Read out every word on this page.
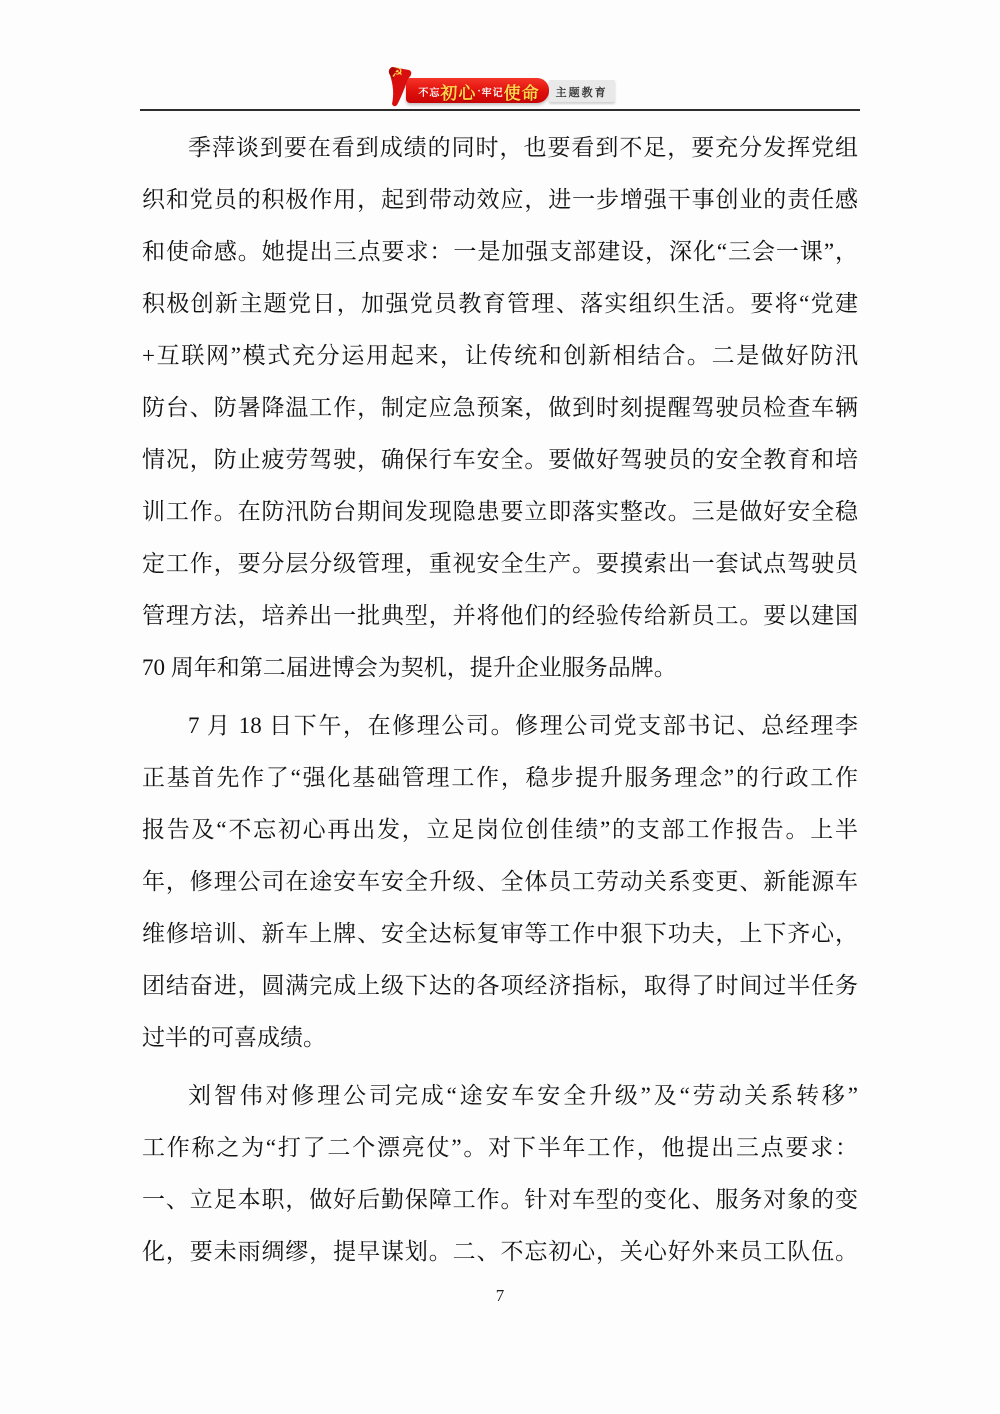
☭
不忘 初心 · 牢记 使命	主题教育
季萍谈到要在看到成绩的同时，也要看到不足，要充分发挥党组
织和党员的积极作用，起到带动效应，进一步增强干事创业的责任感
和使命感。她提出三点要求：一是加强支部建设，深化“三会一课”，
积极创新主题党日，加强党员教育管理、落实组织生活。要将“党建
+互联网”模式充分运用起来，让传统和创新相结合。二是做好防汛
防台、防暑降温工作，制定应急预案，做到时刻提醒驾驶员检查车辆
情况，防止疲劳驾驶，确保行车安全。要做好驾驶员的安全教育和培
训工作。在防汛防台期间发现隐患要立即落实整改。三是做好安全稳
定工作，要分层分级管理，重视安全生产。要摸索出一套试点驾驶员
管理方法，培养出一批典型，并将他们的经验传给新员工。要以建国
70 周年和第二届进博会为契机，提升企业服务品牌。
7 月 18 日下午，在修理公司。修理公司党支部书记、总经理李
正基首先作了“强化基础管理工作，稳步提升服务理念”的行政工作
报告及“不忘初心再出发，立足岗位创佳绩”的支部工作报告。上半
年，修理公司在途安车安全升级、全体员工劳动关系变更、新能源车
维修培训、新车上牌、安全达标复审等工作中狠下功夫，上下齐心，
团结奋进，圆满完成上级下达的各项经济指标，取得了时间过半任务
过半的可喜成绩。
刘智伟对修理公司完成“途安车安全升级”及“劳动关系转移”
工作称之为“打了二个漂亮仗”。对下半年工作，他提出三点要求：
一、立足本职，做好后勤保障工作。针对车型的变化、服务对象的变
化，要未雨绸缪，提早谋划。二、不忘初心，关心好外来员工队伍。
7
